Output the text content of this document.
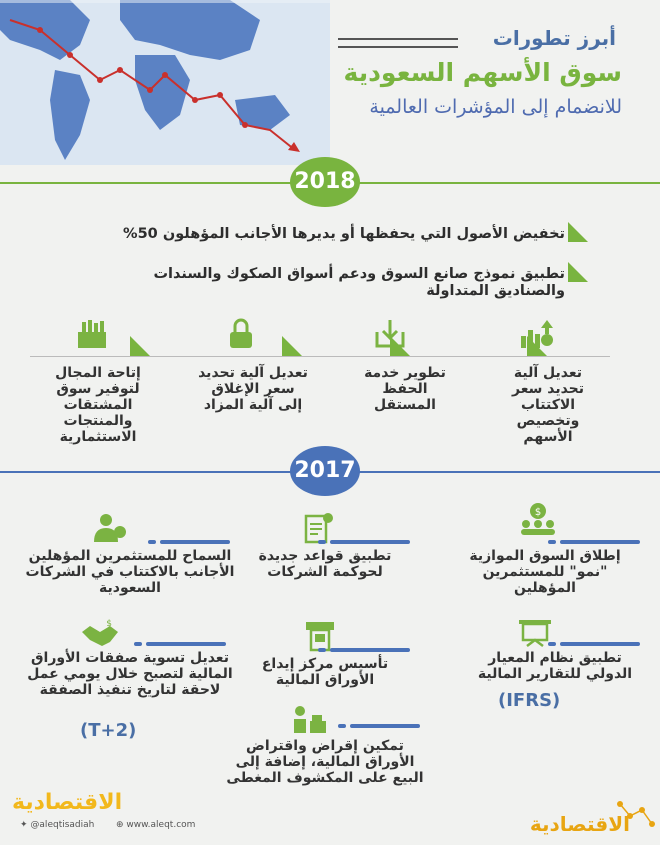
أبرز تطورات
سوق الأسهم السعودية
للانضمام إلى المؤشرات العالمية
2018
تخفيض الأصول التي يحفظها أو يديرها الأجانب المؤهلون 50%
تطبيق نموذج صانع السوق ودعم أسواق الصكوك والسندات والصناديق المتداولة
تعديل آلية تحديد سعر الاكتتاب وتخصيص الأسهم
تطوير خدمة الحفظ المستقل
تعديل آلية تحديد سعر الإغلاق إلى آلية المزاد
إتاحة المجال لتوفير سوق المشتقات والمنتجات الاستثمارية
2017
$
إطلاق السوق الموازية "نمو" للمستثمرين المؤهلين
تطبيق قواعد جديدة لحوكمة الشركات
السماح للمستثمرين المؤهلين الأجانب بالاكتتاب في الشركات السعودية
تطبيق نظام المعيار الدولي للتقارير المالية
(IFRS)
تأسيس مركز إيداع الأوراق المالية
$
تعديل تسوية صفقات الأوراق المالية لتصبح خلال يومي عمل لاحقة لتاريخ تنفيذ الصفقة
(T+2)
تمكين إقراض واقتراض الأوراق المالية، إضافة إلى البيع على المكشوف المغطى
الاقتصادية
✦ @aleqtisadiah ⊕ www.aleqt.com	الاقتصادية
